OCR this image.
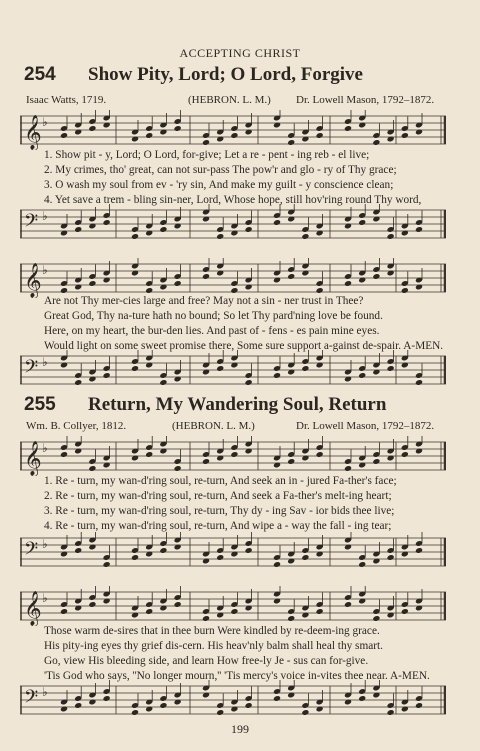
ACCEPTING CHRIST
254 Show Pity, Lord; O Lord, Forgive
Isaac Watts, 1719.	(HEBRON. L. M.) Dr. Lowell Mason, 1792–1872.
𝄞 ♭
1. Show pit - y, Lord; O Lord, for-give; Let a re - pent - ing reb - el live;
2. My crimes, tho' great, can not sur-pass The pow'r and glo - ry of Thy grace;
3. O wash my soul from ev - 'ry sin, And make my guilt - y conscience clean;
4. Yet save a trem - bling sin-ner, Lord, Whose hope, still hov'ring round Thy word,
𝄢 ♭
𝄞 ♭
Are not Thy mer-cies large and free? May not a sin - ner trust in Thee?
Great God, Thy na-ture hath no bound; So let Thy pard'ning love be found.
Here, on my heart, the bur-den lies. And past of - fens - es pain mine eyes.
Would light on some sweet promise there, Some sure support a-gainst de-spair. A-MEN.
𝄢 ♭
255 Return, My Wandering Soul, Return
Wm. B. Collyer, 1812.	(HEBRON. L. M.)	Dr. Lowell Mason, 1792–1872.
𝄞 ♭
1. Re - turn, my wan-d'ring soul, re-turn, And seek an in - jured Fa-ther's face;
2. Re - turn, my wan-d'ring soul, re-turn, And seek a Fa-ther's melt-ing heart;
3. Re - turn, my wan-d'ring soul, re-turn, Thy dy - ing Sav - ior bids thee live;
4. Re - turn, my wan-d'ring soul, re-turn, And wipe a - way the fall - ing tear;
𝄢 ♭
𝄞 ♭
Those warm de-sires that in thee burn Were kindled by re-deem-ing grace.
His pity-ing eyes thy grief dis-cern. His heav'nly balm shall heal thy smart.
Go, view His bleeding side, and learn How free-ly Je - sus can for-give.
'Tis God who says, ''No longer mourn,'' 'Tis mercy's voice in-vites thee near. A-MEN.
𝄢 ♭
199
